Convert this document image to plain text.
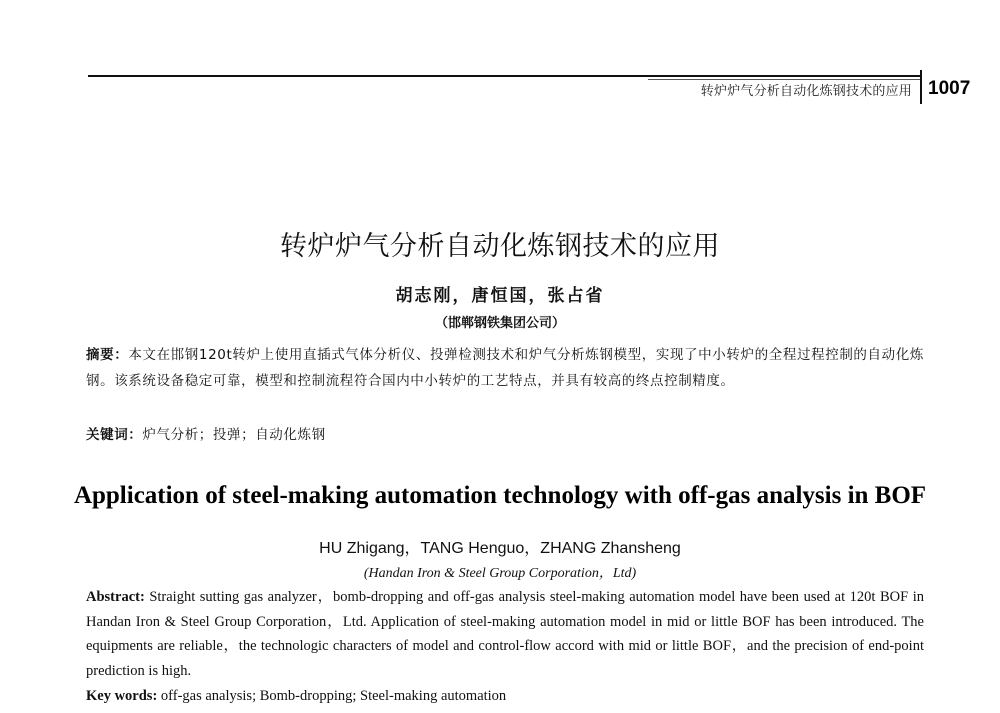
转炉炉气分析自动化炼钢技术的应用 1007
转炉炉气分析自动化炼钢技术的应用
胡志刚，唐恒国，张占省
（邯郸钢铁集团公司）
摘要：本文在邯钢120t转炉上使用直插式气体分析仪、投弹检测技术和炉气分析炼钢模型，实现了中小转炉的全程过程控制的自动化炼钢。该系统设备稳定可靠，模型和控制流程符合国内中小转炉的工艺特点，并具有较高的终点控制精度。
关键词：炉气分析；投弹；自动化炼钢
Application of steel-making automation technology with off-gas analysis in BOF
HU Zhigang，TANG Henguo，ZHANG Zhansheng
(Handan Iron & Steel Group Corporation，Ltd)
Abstract: Straight sutting gas analyzer，bomb-dropping and off-gas analysis steel-making automation model have been used at 120t BOF in Handan Iron & Steel Group Corporation，Ltd. Application of steel-making automation model in mid or little BOF has been introduced. The equipments are reliable，the technologic characters of model and control-flow accord with mid or little BOF，and the precision of end-point prediction is high.
Key words: off-gas analysis; Bomb-dropping; Steel-making automation
